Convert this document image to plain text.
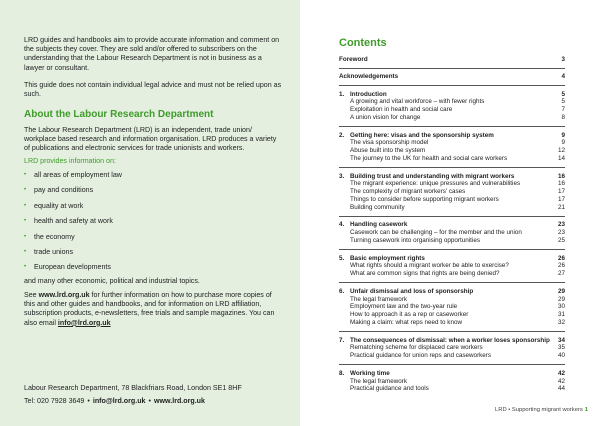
LRD guides and handbooks aim to provide accurate information and comment on the subjects they cover. They are sold and/or offered to subscribers on the understanding that the Labour Research Department is not in business as a lawyer or consultant.

This guide does not contain individual legal advice and must not be relied upon as such.

About the Labour Research Department

The Labour Research Department (LRD) is an independent, trade union/ workplace based research and information organisation. LRD produces a variety of publications and electronic services for trade unionists and workers.

LRD provides information on:

•	all areas of employment law
•	pay and conditions
•	equality at work
•	health and safety at work
•	the economy
•	trade unions
•	European developments

and many other economic, political and industrial topics.

See www.lrd.org.uk for further information on how to purchase more copies of this and other guides and handbooks, and for information on LRD affiliation, subscription products, e-newsletters, free trials and sample magazines. You can also email info@lrd.org.uk

Labour Research Department, 78 Blackfriars Road, London SE1 8HF

Tel: 020 7928 3649 • info@lrd.org.uk • www.lrd.org.uk

Contents
Foreword	3
Acknowledgements	4
1. Introduction	5
A growing and vital workforce – with fewer rights	5
Exploitation in health and social care	7
A union vision for change	8
2. Getting here: visas and the sponsorship system	9
The visa sponsorship model	9
Abuse built into the system	12
The journey to the UK for health and social care workers	14
3. Building trust and understanding with migrant workers	16
The migrant experience: unique pressures and vulnerabilities	16
The complexity of migrant workers' cases	17
Things to consider before supporting migrant workers	17
Building community	21
4. Handling casework	23
Casework can be challenging – for the member and the union	23
Turning casework into organising opportunities	25
5. Basic employment rights	26
What rights should a migrant worker be able to exercise?	26
What are common signs that rights are being denied?	27
6. Unfair dismissal and loss of sponsorship	29
The legal framework	29
Employment law and the two-year rule	30
How to approach it as a rep or caseworker	31
Making a claim: what reps need to know	32
7. The consequences of dismissal: when a worker loses sponsorship 34
Rematching scheme for displaced care workers	35
Practical guidance for union reps and caseworkers	40
8. Working time	42
The legal framework	42
Practical guidance and tools	44
LRD • Supporting migrant workers 1
